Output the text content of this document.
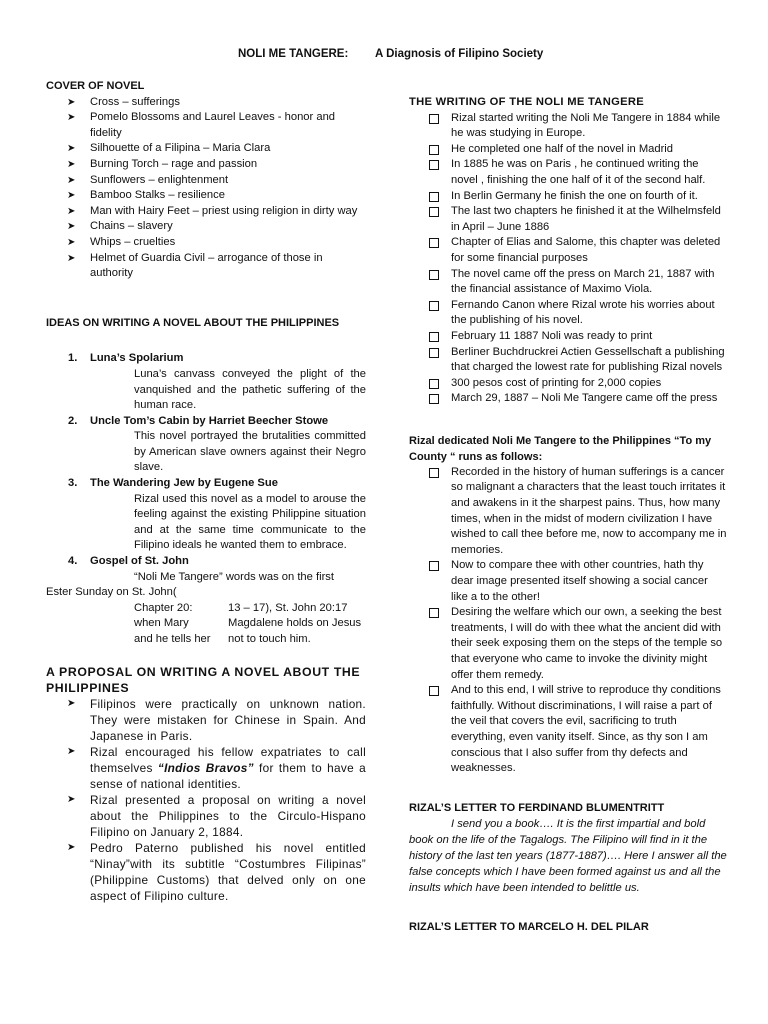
NOLI ME TANGERE: A Diagnosis of Filipino Society
COVER OF NOVEL
➤ Cross – sufferings
➤ Pomelo Blossoms and Laurel Leaves - honor and fidelity
➤ Silhouette of a Filipina – Maria Clara
➤ Burning Torch – rage and passion
➤ Sunflowers – enlightenment
➤ Bamboo Stalks – resilience
➤ Man with Hairy Feet – priest using religion in dirty way
➤ Chains – slavery
➤ Whips – cruelties
➤ Helmet of Guardia Civil – arrogance of those in authority
IDEAS ON WRITING A NOVEL ABOUT THE PHILIPPINES
1. Luna’s Spolarium
Luna’s canvass conveyed the plight of the vanquished and the pathetic suffering of the human race.
2. Uncle Tom’s Cabin by Harriet Beecher Stowe
This novel portrayed the brutalities committed by American slave owners against their Negro slave.
3. The Wandering Jew by Eugene Sue
Rizal used this novel as a model to arouse the feeling against the existing Philippine situation and at the same time communicate to the Filipino ideals he wanted them to embrace.
4. Gospel of St. John
“Noli Me Tangere” words was on the first
Ester Sunday on St. John(
Chapter 20:	13 – 17), St. John 20:17
when Mary	Magdalene holds on Jesus
and he tells her	not to touch him.
A PROPOSAL ON WRITING A NOVEL ABOUT THE PHILIPPINES
➤ Filipinos were practically on unknown nation. They were mistaken for Chinese in Spain. And Japanese in Paris.
➤ Rizal encouraged his fellow expatriates to call themselves “Indios Bravos” for them to have a sense of national identities.
➤ Rizal presented a proposal on writing a novel about the Philippines to the Circulo-Hispano Filipino on January 2, 1884.
➤ Pedro Paterno published his novel entitled “Ninay”with its subtitle “Costumbres Filipinas” (Philippine Customs) that delved only on one aspect of Filipino culture.
THE WRITING OF THE NOLI ME TANGERE
Rizal started writing the Noli Me Tangere in 1884 while he was studying in Europe.
He completed one half of the novel in Madrid
In 1885 he was on Paris , he continued writing the novel , finishing the one half of it of the second half.
In Berlin Germany he finish the one on fourth of it.
The last two chapters he finished it at the Wilhelmsfeld in April – June 1886
Chapter of Elias and Salome, this chapter was deleted for some financial purposes
The novel came off the press on March 21, 1887 with the financial assistance of Maximo Viola.
Fernando Canon where Rizal wrote his worries about the publishing of his novel.
February 11 1887 Noli was ready to print
Berliner Buchdruckrei Actien Gessellschaft a publishing that charged the lowest rate for publishing Rizal novels
300 pesos cost of printing for 2,000 copies
March 29, 1887 – Noli Me Tangere came off the press
Rizal dedicated Noli Me Tangere to the Philippines “To my County “ runs as follows:
Recorded in the history of human sufferings is a cancer so malignant a characters that the least touch irritates it and awakens in it the sharpest pains. Thus, how many times, when in the midst of modern civilization I have wished to call thee before me, now to accompany me in memories.
Now to compare thee with other countries, hath thy dear image presented itself showing a social cancer like a to the other!
Desiring the welfare which our own, a seeking the best treatments, I will do with thee what the ancient did with their seek exposing them on the steps of the temple so that everyone who came to invoke the divinity might offer them remedy.
And to this end, I will strive to reproduce thy conditions faithfully. Without discriminations, I will raise a part of the veil that covers the evil, sacrificing to truth everything, even vanity itself. Since, as thy son I am conscious that I also suffer from thy defects and weaknesses.
RIZAL’S LETTER TO FERDINAND BLUMENTRITT
I send you a book…. It is the first impartial and bold book on the life of the Tagalogs. The Filipino will find in it the history of the last ten years (1877-1887)…. Here I answer all the false concepts which I have been formed against us and all the insults which have been intended to belittle us.
RIZAL’S LETTER TO MARCELO H. DEL PILAR
